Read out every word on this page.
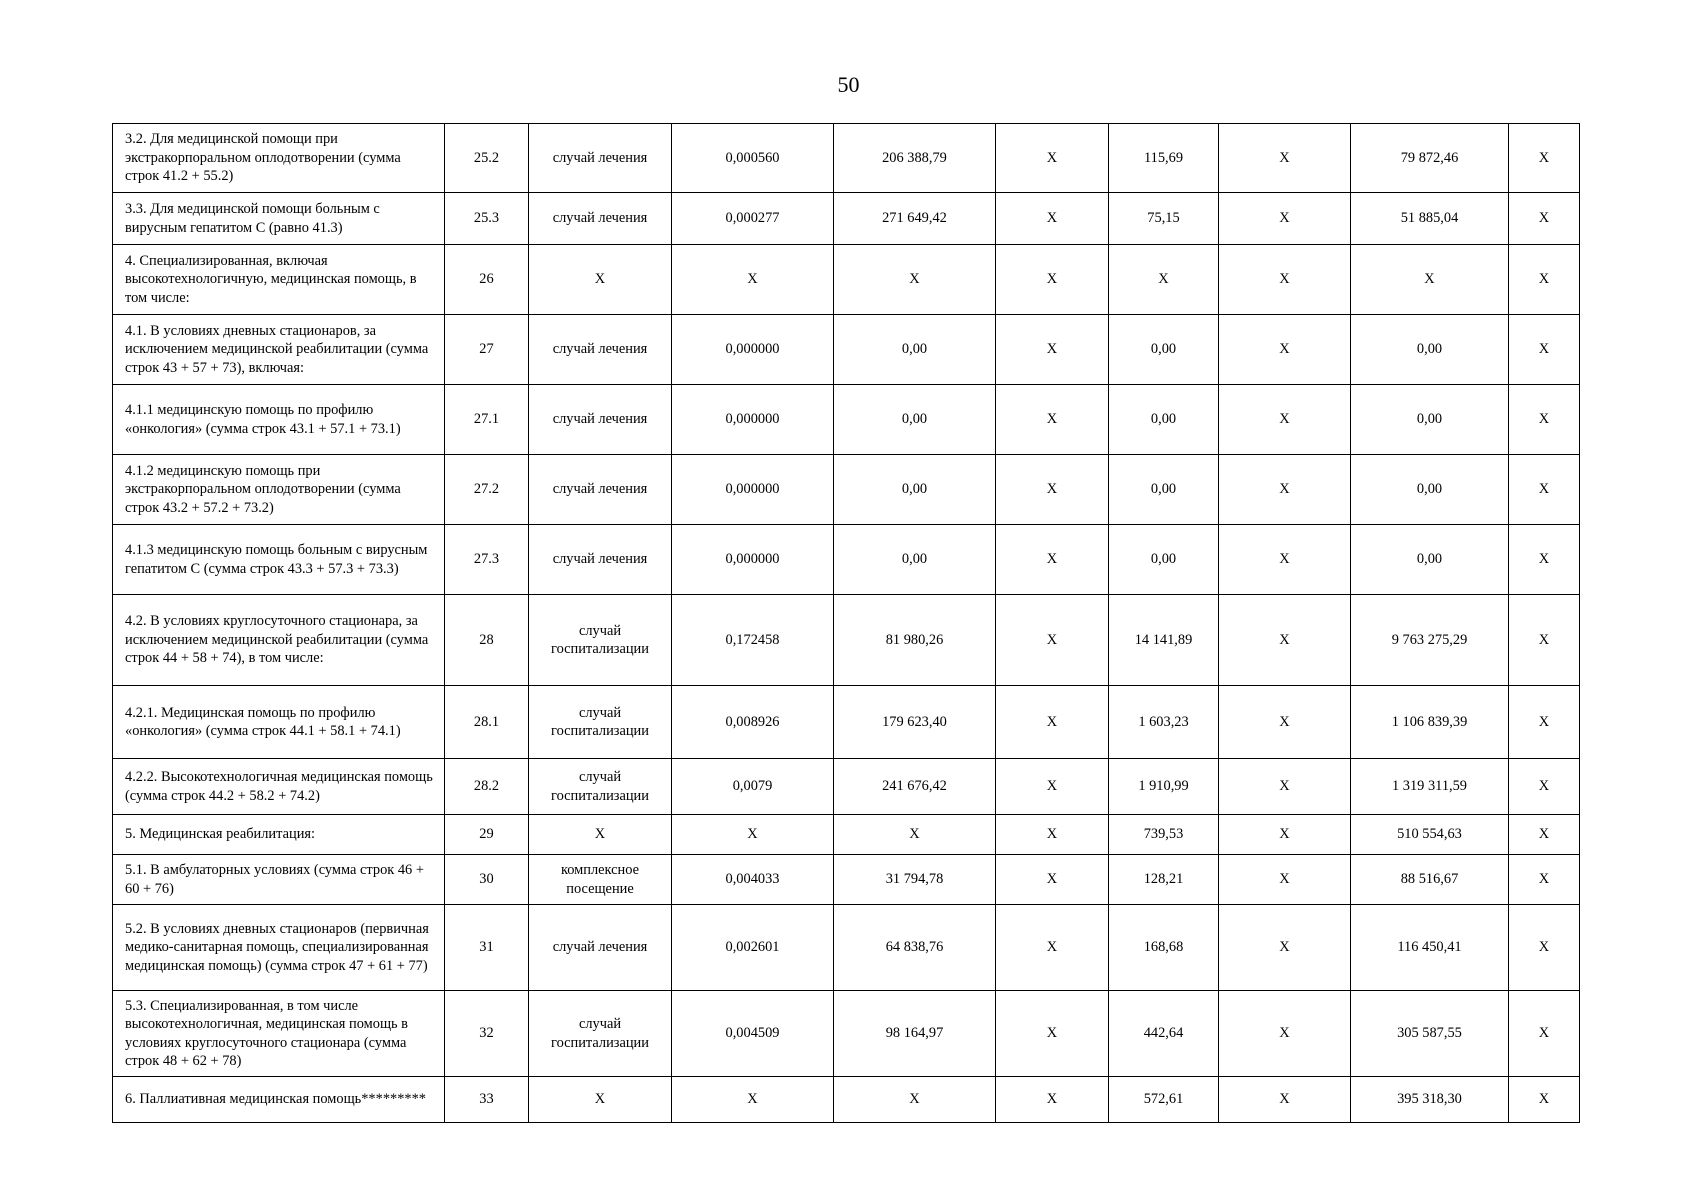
50
3.2. Для медицинской помощи при экстракорпоральном оплодотворении (сумма строк 41.2 + 55.2)	25.2	случай лечения	0,000560	206 388,79	X	115,69	X	79 872,46	X
3.3. Для медицинской помощи больным с вирусным гепатитом С (равно 41.3)	25.3	случай лечения	0,000277	271 649,42	X	75,15	X	51 885,04	X
4. Специализированная, включая высокотехнологичную, медицинская помощь, в том числе:	26	X	X	X	X	X	X	X	X
4.1. В условиях дневных стационаров, за исключением медицинской реабилитации (сумма строк 43 + 57 + 73), включая:	27	случай лечения	0,000000	0,00	X	0,00	X	0,00	X
4.1.1 медицинскую помощь по профилю «онкология» (сумма строк 43.1 + 57.1 + 73.1)	27.1	случай лечения	0,000000	0,00	X	0,00	X	0,00	X
4.1.2 медицинскую помощь при экстракорпоральном оплодотворении (сумма строк 43.2 + 57.2 + 73.2)	27.2	случай лечения	0,000000	0,00	X	0,00	X	0,00	X
4.1.3 медицинскую помощь больным с вирусным гепатитом С (сумма строк 43.3 + 57.3 + 73.3)	27.3	случай лечения	0,000000	0,00	X	0,00	X	0,00	X
4.2. В условиях круглосуточного стационара, за исключением медицинской реабилитации (сумма строк 44 + 58 + 74), в том числе:	28	случай госпитализации	0,172458	81 980,26	X	14 141,89	X	9 763 275,29	X
4.2.1. Медицинская помощь по профилю «онкология» (сумма строк 44.1 + 58.1 + 74.1)	28.1	случай госпитализации	0,008926	179 623,40	X	1 603,23	X	1 106 839,39	X
4.2.2. Высокотехнологичная медицинская помощь (сумма строк 44.2 + 58.2 + 74.2)	28.2	случай госпитализации	0,0079	241 676,42	X	1 910,99	X	1 319 311,59	X
5. Медицинская реабилитация:	29	X	X	X	X	739,53	X	510 554,63	X
5.1. В амбулаторных условиях (сумма строк 46 + 60 + 76)	30	комплексное посещение	0,004033	31 794,78	X	128,21	X	88 516,67	X
5.2. В условиях дневных стационаров (первичная медико-санитарная помощь, специализированная медицинская помощь) (сумма строк 47 + 61 + 77)	31	случай лечения	0,002601	64 838,76	X	168,68	X	116 450,41	X
5.3. Специализированная, в том числе высокотехнологичная, медицинская помощь в условиях круглосуточного стационара (сумма строк 48 + 62 + 78)	32	случай госпитализации	0,004509	98 164,97	X	442,64	X	305 587,55	X
6. Паллиативная медицинская помощь*********	33	X	X	X	X	572,61	X	395 318,30	X
